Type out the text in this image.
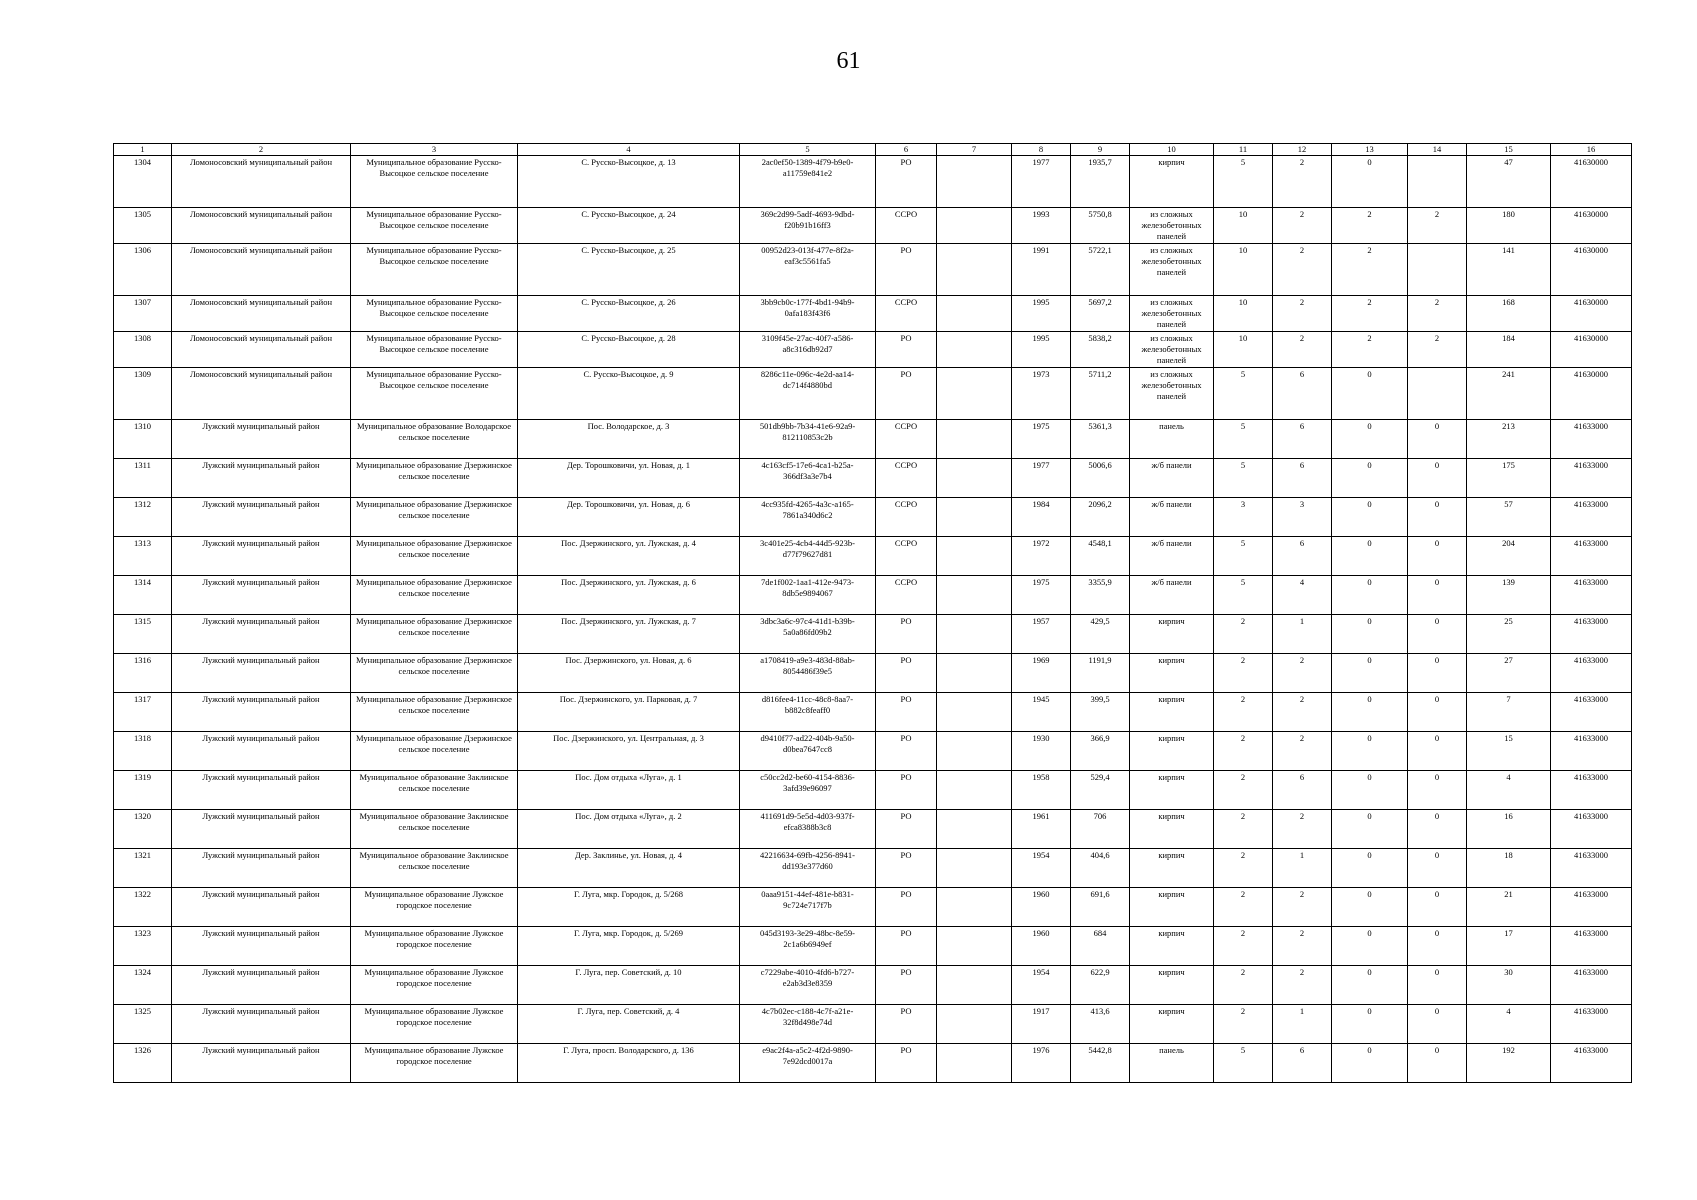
61
1	2	3	4	5	6	7	8	9	10	11	12	13	14	15	16
1304	Ломоносовский муниципальный район	Муниципальное образование Русско-Высоцкое сельское поселение	С. Русско-Высоцкое, д. 13	2ac0ef50-1389-4f79-b9e0-a11759e841e2	РО		1977	1935,7	кирпич	5	2	0		47	41630000
1305	Ломоносовский муниципальный район	Муниципальное образование Русско-Высоцкое сельское поселение	С. Русско-Высоцкое, д. 24	369c2d99-5adf-4693-9dbd-f20b91b16ff3	ССРО		1993	5750,8	из сложных железобетонных панелей	10	2	2	2	180	41630000
1306	Ломоносовский муниципальный район	Муниципальное образование Русско-Высоцкое сельское поселение	С. Русско-Высоцкое, д. 25	00952d23-013f-477e-8f2a-eaf3c5561fa5	РО		1991	5722,1	из сложных железобетонных панелей	10	2	2		141	41630000
1307	Ломоносовский муниципальный район	Муниципальное образование Русско-Высоцкое сельское поселение	С. Русско-Высоцкое, д. 26	3bb9cb0c-177f-4bd1-94b9-0afa183f43f6	ССРО		1995	5697,2	из сложных железобетонных панелей	10	2	2	2	168	41630000
1308	Ломоносовский муниципальный район	Муниципальное образование Русско-Высоцкое сельское поселение	С. Русско-Высоцкое, д. 28	3109f45e-27ac-40f7-a586-a8c316db92d7	РО		1995	5838,2	из сложных железобетонных панелей	10	2	2	2	184	41630000
1309	Ломоносовский муниципальный район	Муниципальное образование Русско-Высоцкое сельское поселение	С. Русско-Высоцкое, д. 9	8286c11e-096c-4e2d-aa14-dc714f4880bd	РО		1973	5711,2	из сложных железобетонных панелей	5	6	0		241	41630000
1310	Лужский муниципальный район	Муниципальное образование Володарское сельское поселение	Пос. Володарское, д. 3	501db9bb-7b34-41e6-92a9-812110853c2b	ССРО		1975	5361,3	панель	5	6	0	0	213	41633000
1311	Лужский муниципальный район	Муниципальное образование Дзержинское сельское поселение	Дер. Торошковичи, ул. Новая, д. 1	4c163cf5-17e6-4ca1-b25a-366df3a3e7b4	ССРО		1977	5006,6	ж/б панели	5	6	0	0	175	41633000
1312	Лужский муниципальный район	Муниципальное образование Дзержинское сельское поселение	Дер. Торошковичи, ул. Новая, д. 6	4cc935fd-4265-4a3c-a165-7861a340d6c2	ССРО		1984	2096,2	ж/б панели	3	3	0	0	57	41633000
1313	Лужский муниципальный район	Муниципальное образование Дзержинское сельское поселение	Пос. Дзержинского, ул. Лужская, д. 4	3c401e25-4cb4-44d5-923b-d77f79627d81	ССРО		1972	4548,1	ж/б панели	5	6	0	0	204	41633000
1314	Лужский муниципальный район	Муниципальное образование Дзержинское сельское поселение	Пос. Дзержинского, ул. Лужская, д. 6	7de1f002-1aa1-412e-9473-8db5e9894067	ССРО		1975	3355,9	ж/б панели	5	4	0	0	139	41633000
1315	Лужский муниципальный район	Муниципальное образование Дзержинское сельское поселение	Пос. Дзержинского, ул. Лужская, д. 7	3dbc3a6c-97c4-41d1-b39b-5a0a86fd09b2	РО		1957	429,5	кирпич	2	1	0	0	25	41633000
1316	Лужский муниципальный район	Муниципальное образование Дзержинское сельское поселение	Пос. Дзержинского, ул. Новая, д. 6	a1708419-a9e3-483d-88ab-8054486f39e5	РО		1969	1191,9	кирпич	2	2	0	0	27	41633000
1317	Лужский муниципальный район	Муниципальное образование Дзержинское сельское поселение	Пос. Дзержинского, ул. Парковая, д. 7	d816fee4-11cc-48c8-8aa7-b882c8feaff0	РО		1945	399,5	кирпич	2	2	0	0	7	41633000
1318	Лужский муниципальный район	Муниципальное образование Дзержинское сельское поселение	Пос. Дзержинского, ул. Центральная, д. 3	d9410f77-ad22-404b-9a50-d0bea7647cc8	РО		1930	366,9	кирпич	2	2	0	0	15	41633000
1319	Лужский муниципальный район	Муниципальное образование Заклинское сельское поселение	Пос. Дом отдыха «Луга», д. 1	c50cc2d2-be60-4154-8836-3afd39e96097	РО		1958	529,4	кирпич	2	6	0	0	4	41633000
1320	Лужский муниципальный район	Муниципальное образование Заклинское сельское поселение	Пос. Дом отдыха «Луга», д. 2	411691d9-5e5d-4d03-937f-efca8388b3c8	РО		1961	706	кирпич	2	2	0	0	16	41633000
1321	Лужский муниципальный район	Муниципальное образование Заклинское сельское поселение	Дер. Заклинье, ул. Новая, д. 4	42216634-69fb-4256-8941-dd193e377d60	РО		1954	404,6	кирпич	2	1	0	0	18	41633000
1322	Лужский муниципальный район	Муниципальное образование Лужское городское поселение	Г. Луга, мкр. Городок, д. 5/268	0aaa9151-44ef-481e-b831-9c724e717f7b	РО		1960	691,6	кирпич	2	2	0	0	21	41633000
1323	Лужский муниципальный район	Муниципальное образование Лужское городское поселение	Г. Луга, мкр. Городок, д. 5/269	045d3193-3e29-48bc-8e59-2c1a6b6949ef	РО		1960	684	кирпич	2	2	0	0	17	41633000
1324	Лужский муниципальный район	Муниципальное образование Лужское городское поселение	Г. Луга, пер. Советский, д. 10	c7229abe-4010-4fd6-b727-e2ab3d3e8359	РО		1954	622,9	кирпич	2	2	0	0	30	41633000
1325	Лужский муниципальный район	Муниципальное образование Лужское городское поселение	Г. Луга, пер. Советский, д. 4	4c7b02ec-c188-4c7f-a21e-32f8d498e74d	РО		1917	413,6	кирпич	2	1	0	0	4	41633000
1326	Лужский муниципальный район	Муниципальное образование Лужское городское поселение	Г. Луга, просп. Володарского, д. 136	e9ac2f4a-a5c2-4f2d-9890-7e92dcd0017a	РО		1976	5442,8	панель	5	6	0	0	192	41633000
